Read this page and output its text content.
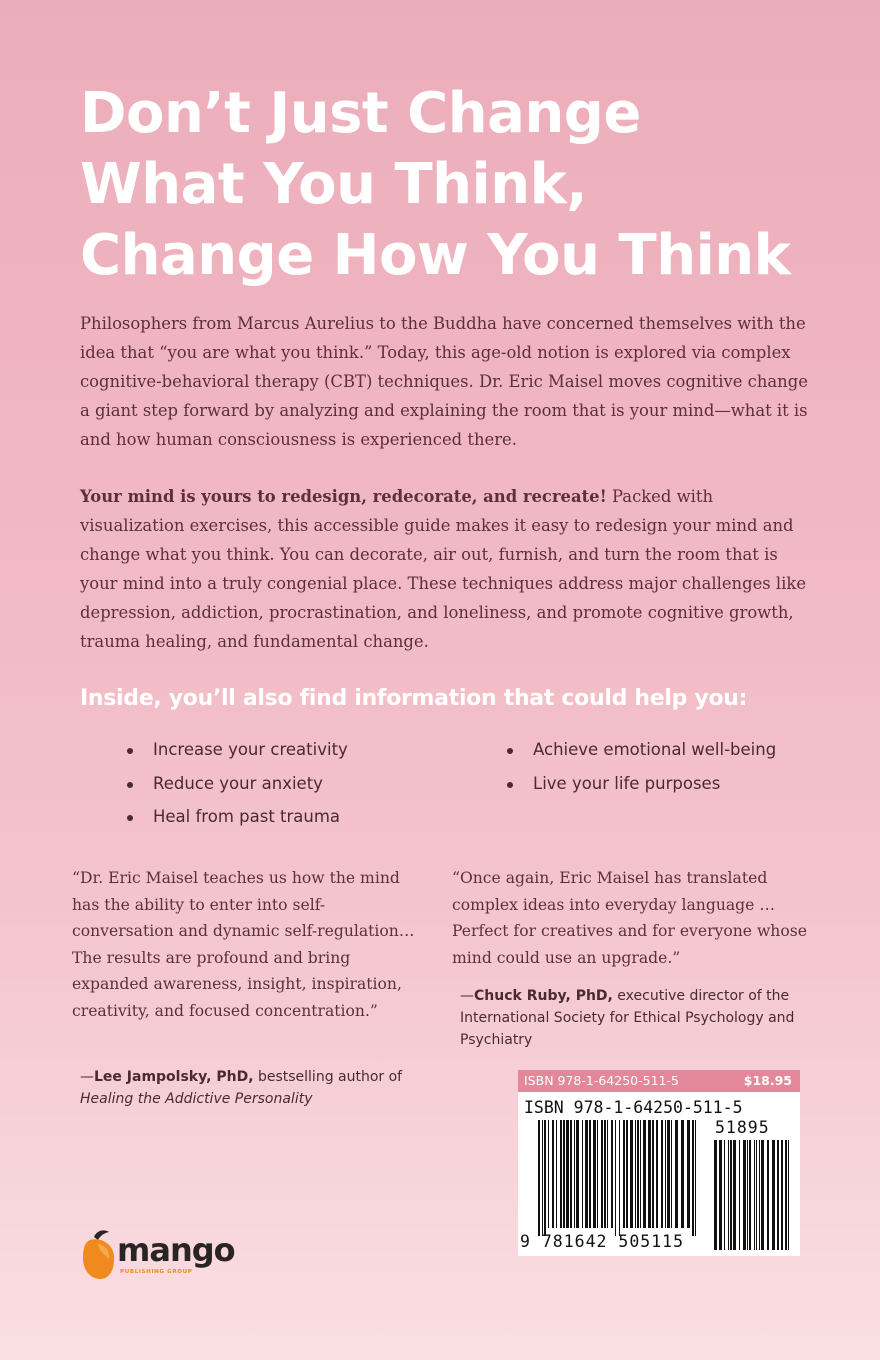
Don’t Just Change
What You Think,
Change How You Think

Philosophers from Marcus Aurelius to the Buddha have concerned themselves with the idea that “you are what you think.” Today, this age-old notion is explored via complex cognitive-behavioral therapy (CBT) techniques. Dr. Eric Maisel moves cognitive change a giant step forward by analyzing and explaining the room that is your mind—what it is and how human consciousness is experienced there.

Your mind is yours to redesign, redecorate, and recreate! Packed with visualization exercises, this accessible guide makes it easy to redesign your mind and change what you think. You can decorate, air out, furnish, and turn the room that is your mind into a truly congenial place. These techniques address major challenges like depression, addiction, procrastination, and loneliness, and promote cognitive growth, trauma healing, and fundamental change.

Inside, you’ll also find information that could help you:
Increase your creativity
Reduce your anxiety
Heal from past trauma
Achieve emotional well-being
Live your life purposes

“Dr. Eric Maisel teaches us how the mind has the ability to enter into self-conversation and dynamic self-regulation… The results are profound and bring expanded awareness, insight, inspiration, creativity, and focused concentration.”

—Lee Jampolsky, PhD, bestselling author of Healing the Addictive Personality

“Once again, Eric Maisel has translated complex ideas into everyday language … Perfect for creatives and for everyone whose mind could use an upgrade.”

—Chuck Ruby, PhD, executive director of the International Society for Ethical Psychology and Psychiatry

ISBN 978-1-64250-511-5	$18.95
ISBN 978-1-64250-511-5
51895
9 781642 505115
mango
PUBLISHING GROUP
